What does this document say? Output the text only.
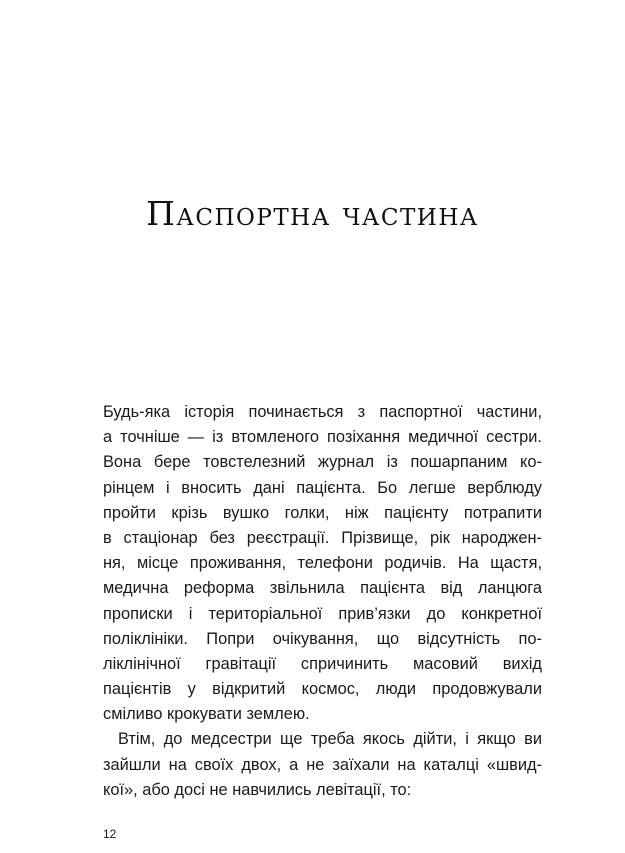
Паспортна частина
Будь-яка історія починається з паспортної частини,
а точніше — із втомленого позіхання медичної сестри.
Вона бере товстелезний журнал із пошарпаним ко-
рінцем і вносить дані пацієнта. Бо легше верблюду
пройти крізь вушко голки, ніж пацієнту потрапити
в стаціонар без реєстрації. Прізвище, рік народжен-
ня, місце проживання, телефони родичів. На щастя,
медична реформа звільнила пацієнта від ланцюга
прописки і територіальної прив’язки до конкретної
поліклініки. Попри очікування, що відсутність по-
ліклінічної гравітації спричинить масовий вихід
пацієнтів у відкритий космос, люди продовжували
сміливо крокувати землею.
Втім, до медсестри ще треба якось дійти, і якщо ви
зайшли на своїх двох, а не заїхали на каталці «швид-
кої», або досі не навчились левітації, то:
12
